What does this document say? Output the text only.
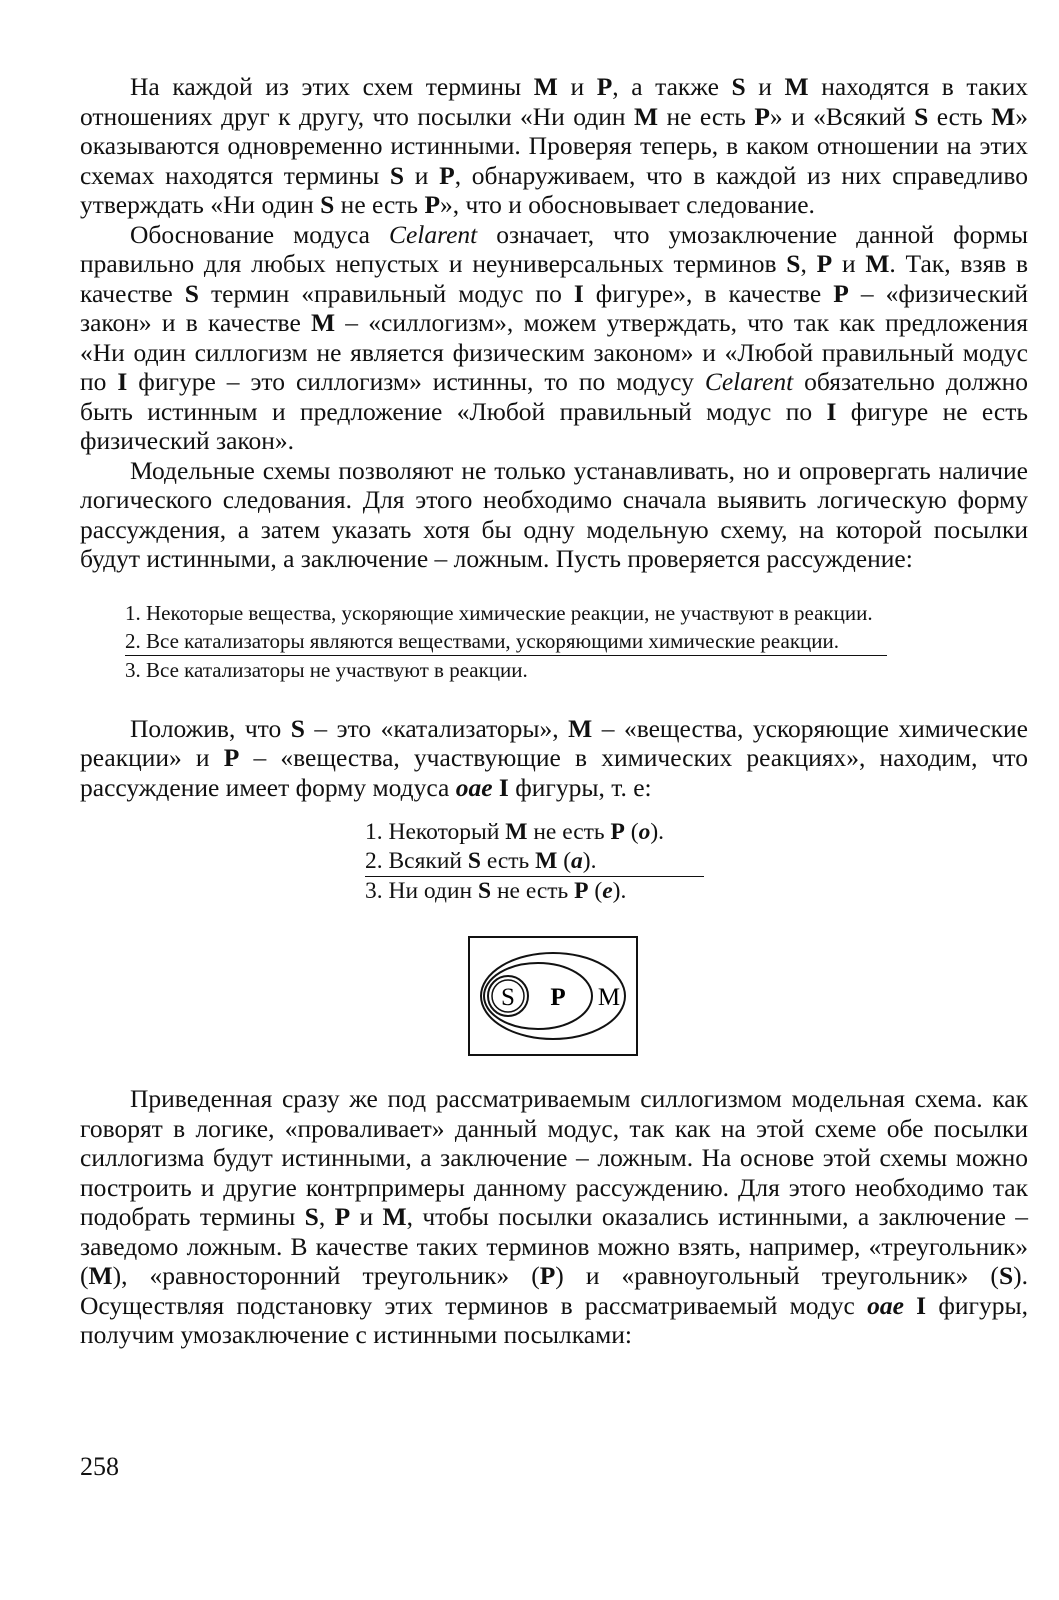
На каждой из этих схем термины M и P, а также S и M находятся в таких отношениях друг к другу, что посылки «Ни один M не есть P» и «Всякий S есть M» оказываются одновременно истинными. Проверяя теперь, в каком отношении на этих схемах находятся термины S и P, обнаруживаем, что в каждой из них справедливо утверждать «Ни один S не есть P», что и обосновывает следование.

Обоснование модуса Celarent означает, что умозаключение данной формы правильно для любых непустых и неуниверсальных терминов S, P и M. Так, взяв в качестве S термин «правильный модус по I фигуре», в качестве P – «физический закон» и в качестве M – «силлогизм», можем утверждать, что так как предложения «Ни один силлогизм не является физическим законом» и «Любой правильный модус по I фигуре – это силлогизм» истинны, то по модусу Celarent обязательно должно быть истинным и предложение «Любой правильный модус по I фигуре не есть физический закон».

Модельные схемы позволяют не только устанавливать, но и опровергать наличие логического следования. Для этого необходимо сначала выявить логическую форму рассуждения, а затем указать хотя бы одну модельную схему, на которой посылки будут истинными, а заключение – ложным. Пусть проверяется рассуждение:

1. Некоторые вещества, ускоряющие химические реакции, не участвуют в реакции.
2. Все катализаторы являются веществами, ускоряющими химические реакции.
3. Все катализаторы не участвуют в реакции.

Положив, что S – это «катализаторы», M – «вещества, ускоряющие химические реакции» и P – «вещества, участвующие в химических реакциях», находим, что рассуждение имеет форму модуса oae I фигуры, т. е:

1. Некоторый M не есть P (o).
2. Всякий S есть M (a).
3. Ни один S не есть P (e).
S P M

Приведенная сразу же под рассматриваемым силлогизмом модельная схема. как говорят в логике, «проваливает» данный модус, так как на этой схеме обе посылки силлогизма будут истинными, а заключение – ложным. На основе этой схемы можно построить и другие контрпримеры данному рассуждению. Для этого необходимо так подобрать термины S, P и M, чтобы посылки оказались истинными, а заключение – заведомо ложным. В качестве таких терминов можно взять, например, «треугольник» (M), «равносторонний треугольник» (P) и «равноугольный треугольник» (S). Осуществляя подстановку этих терминов в рассматриваемый модус oae I фигуры, получим умозаключение с истинными посылками:

258
